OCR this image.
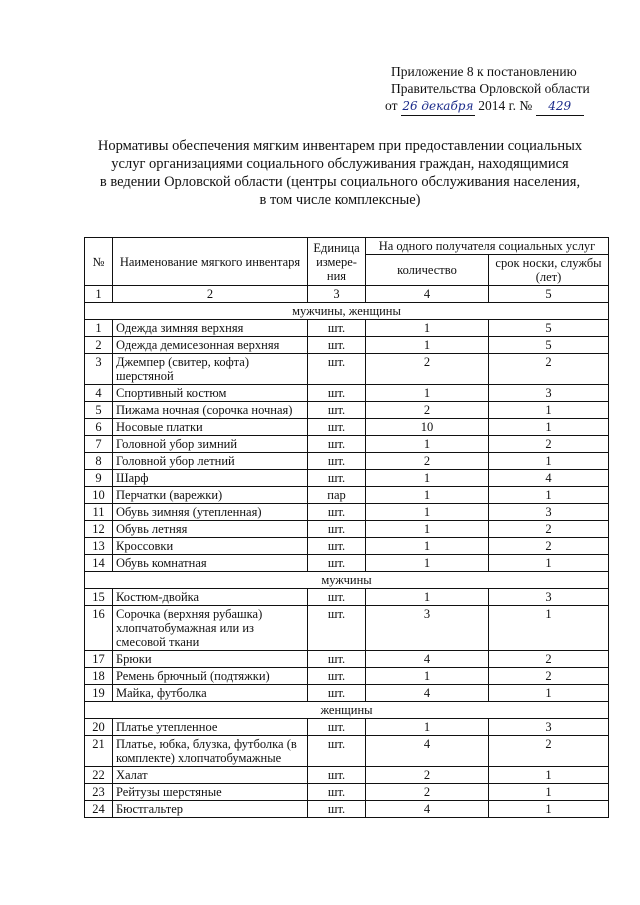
Приложение 8 к постановлению
Правительства Орловской области
от 26 декабря 2014 г. № 429
Нормативы обеспечения мягким инвентарем при предоставлении социальных
услуг организациями социального обслуживания граждан, находящимися
в ведении Орловской области (центры социального обслуживания населения,
в том числе комплексные)
№	Наименование мягкого инвентаря	Единица измере-ния	На одного получателя социальных услуг	
			количество	срок носки, службы (лет)
1	2	3	4	5
мужчины, женщины				
1	Одежда зимняя верхняя	шт.	1	5
2	Одежда демисезонная верхняя	шт.	1	5
3	Джемпер (свитер, кофта) шерстяной	шт.	2	2
4	Спортивный костюм	шт.	1	3
5	Пижама ночная (сорочка ночная)	шт.	2	1
6	Носовые платки	шт.	10	1
7	Головной убор зимний	шт.	1	2
8	Головной убор летний	шт.	2	1
9	Шарф	шт.	1	4
10	Перчатки (варежки)	пар	1	1
11	Обувь зимняя (утепленная)	шт.	1	3
12	Обувь летняя	шт.	1	2
13	Кроссовки	шт.	1	2
14	Обувь комнатная	шт.	1	1
мужчины				
15	Костюм-двойка	шт.	1	3
16	Сорочка (верхняя рубашка) хлопчатобумажная или из смесовой ткани	шт.	3	1
17	Брюки	шт.	4	2
18	Ремень брючный (подтяжки)	шт.	1	2
19	Майка, футболка	шт.	4	1
женщины				
20	Платье утепленное	шт.	1	3
21	Платье, юбка, блузка, футболка (в комплекте) хлопчатобумажные	шт.	4	2
22	Халат	шт.	2	1
23	Рейтузы шерстяные	шт.	2	1
24	Бюстгальтер	шт.	4	1
